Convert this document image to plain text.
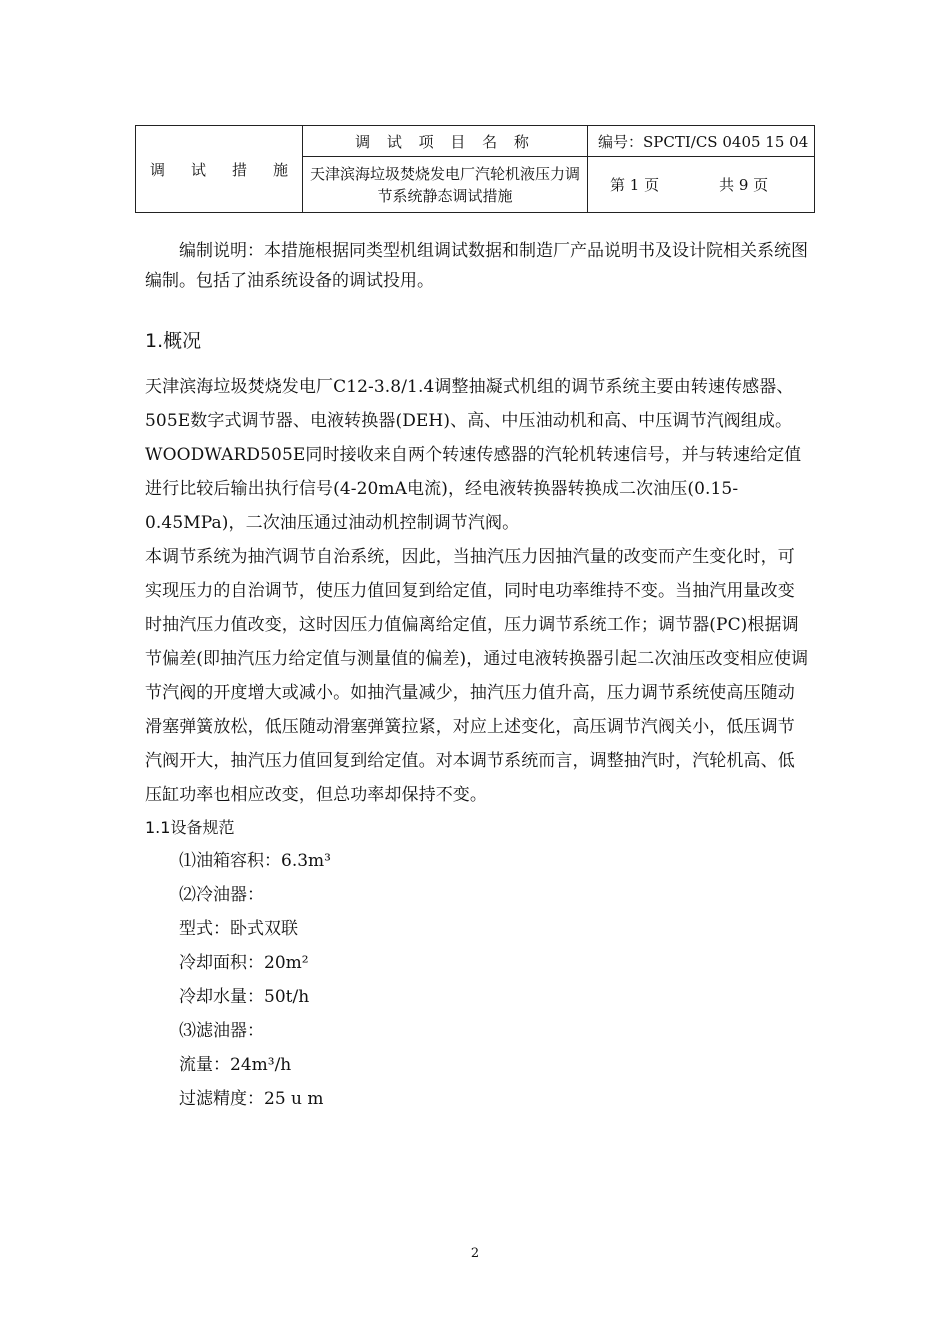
调 试 措 施	调 试 项 目 名 称	编号：SPCTI/CS 0405 15 04
	天津滨海垃圾焚烧发电厂汽轮机液压力调节系统静态调试措施	第 1 页 共 9 页

编制说明：本措施根据同类型机组调试数据和制造厂产品说明书及设计院相关系统图编制。包括了油系统设备的调试投用。

1.概况

天津滨海垃圾焚烧发电厂C12-3.8/1.4调整抽凝式机组的调节系统主要由转速传感器、505E数字式调节器、电液转换器(DEH)、高、中压油动机和高、中压调节汽阀组成。WOODWARD505E同时接收来自两个转速传感器的汽轮机转速信号，并与转速给定值进行比较后输出执行信号(4-20mA电流)，经电液转换器转换成二次油压(0.15-0.45MPa)，二次油压通过油动机控制调节汽阀。

本调节系统为抽汽调节自治系统，因此，当抽汽压力因抽汽量的改变而产生变化时，可实现压力的自治调节，使压力值回复到给定值，同时电功率维持不变。当抽汽用量改变时抽汽压力值改变，这时因压力值偏离给定值，压力调节系统工作；调节器(PC)根据调节偏差(即抽汽压力给定值与测量值的偏差)，通过电液转换器引起二次油压改变相应使调节汽阀的开度增大或减小。如抽汽量减少，抽汽压力值升高，压力调节系统使高压随动滑塞弹簧放松，低压随动滑塞弹簧拉紧，对应上述变化，高压调节汽阀关小，低压调节汽阀开大，抽汽压力值回复到给定值。对本调节系统而言，调整抽汽时，汽轮机高、低压缸功率也相应改变，但总功率却保持不变。

1.1设备规范

⑴油箱容积：6.3m³

⑵冷油器：

型式：卧式双联

冷却面积：20m²

冷却水量：50t/h

⑶滤油器：

流量：24m³/h

过滤精度：25 u m

2
